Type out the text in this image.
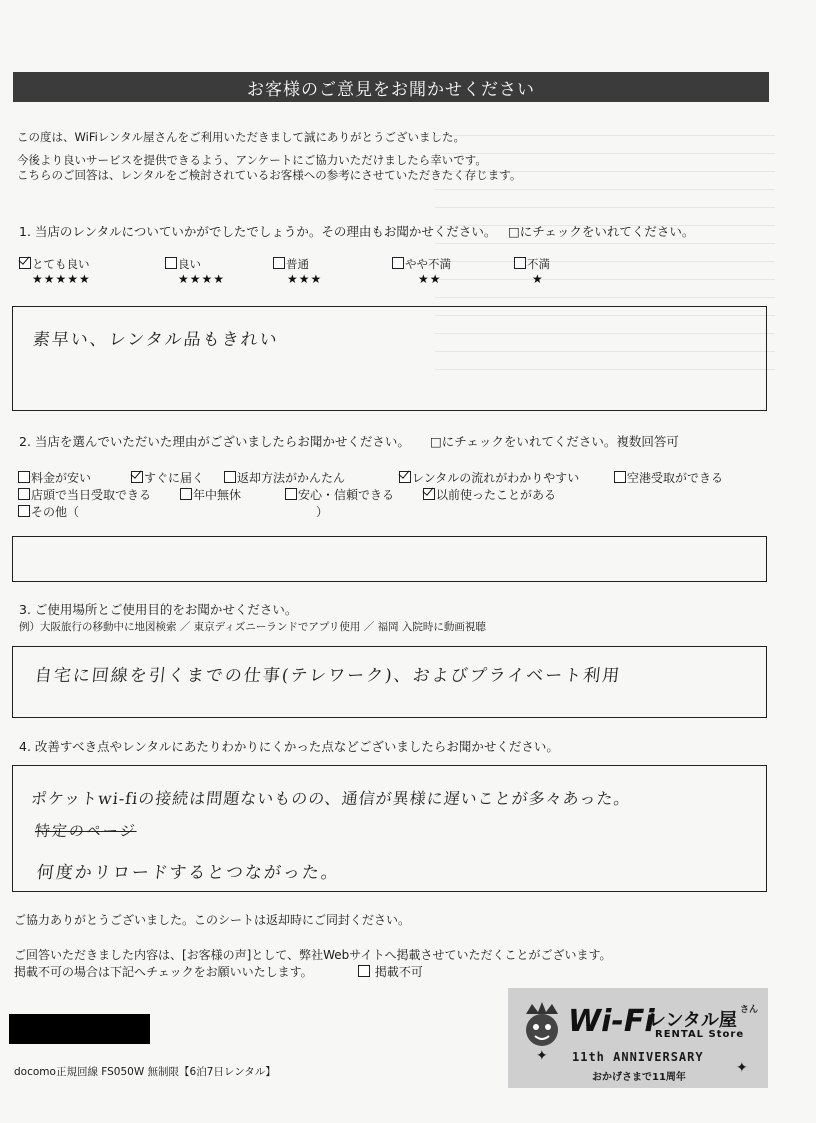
お客様のご意見をお聞かせください
この度は、WiFiレンタル屋さんをご利用いただきまして誠にありがとうございました。
今後より良いサービスを提供できるよう、アンケートにご協力いただけましたら幸いです。
こちらのご回答は、レンタルをご検討されているお客様への参考にさせていただきたく存じます。
1. 当店のレンタルについていかがでしたでしょうか。その理由もお聞かせください。 □にチェックをいれてください。
とても良い
★★★★★
良い
★★★★
普通
★★★
やや不満
★★
不満
★
素早い、レンタル品もきれい
2. 当店を選んでいただいた理由がございましたらお聞かせください。 □にチェックをいれてください。複数回答可
料金が安い	すぐに届く	返却方法がかんたん	レンタルの流れがわかりやすい	空港受取ができる
店頭で当日受取できる	年中無休	安心・信頼できる	以前使ったことがある
その他（	）
3. ご使用場所とご使用目的をお聞かせください。
例）大阪旅行の移動中に地図検索 ／ 東京ディズニーランドでアプリ使用 ／ 福岡 入院時に動画視聴
自宅に回線を引くまでの仕事(テレワーク)、およびプライベート利用
4. 改善すべき点やレンタルにあたりわかりにくかった点などございましたらお聞かせください。
ポケットwi-fiの接続は問題ないものの、通信が異様に遅いことが多々あった。
特定のページ
何度かリロードするとつながった。
ご協力ありがとうございました。このシートは返却時にご同封ください。
ご回答いただきました内容は、[お客様の声]として、弊社Webサイトへ掲載させていただくことがございます。
掲載不可の場合は下記へチェックをお願いいたします。	掲載不可
docomo正規回線 FS050W 無制限【6泊7日レンタル】
Wi-Fi
レンタル屋 さん
RENTAL Store
✦
✦
11th ANNIVERSARY
おかげさまで11周年
